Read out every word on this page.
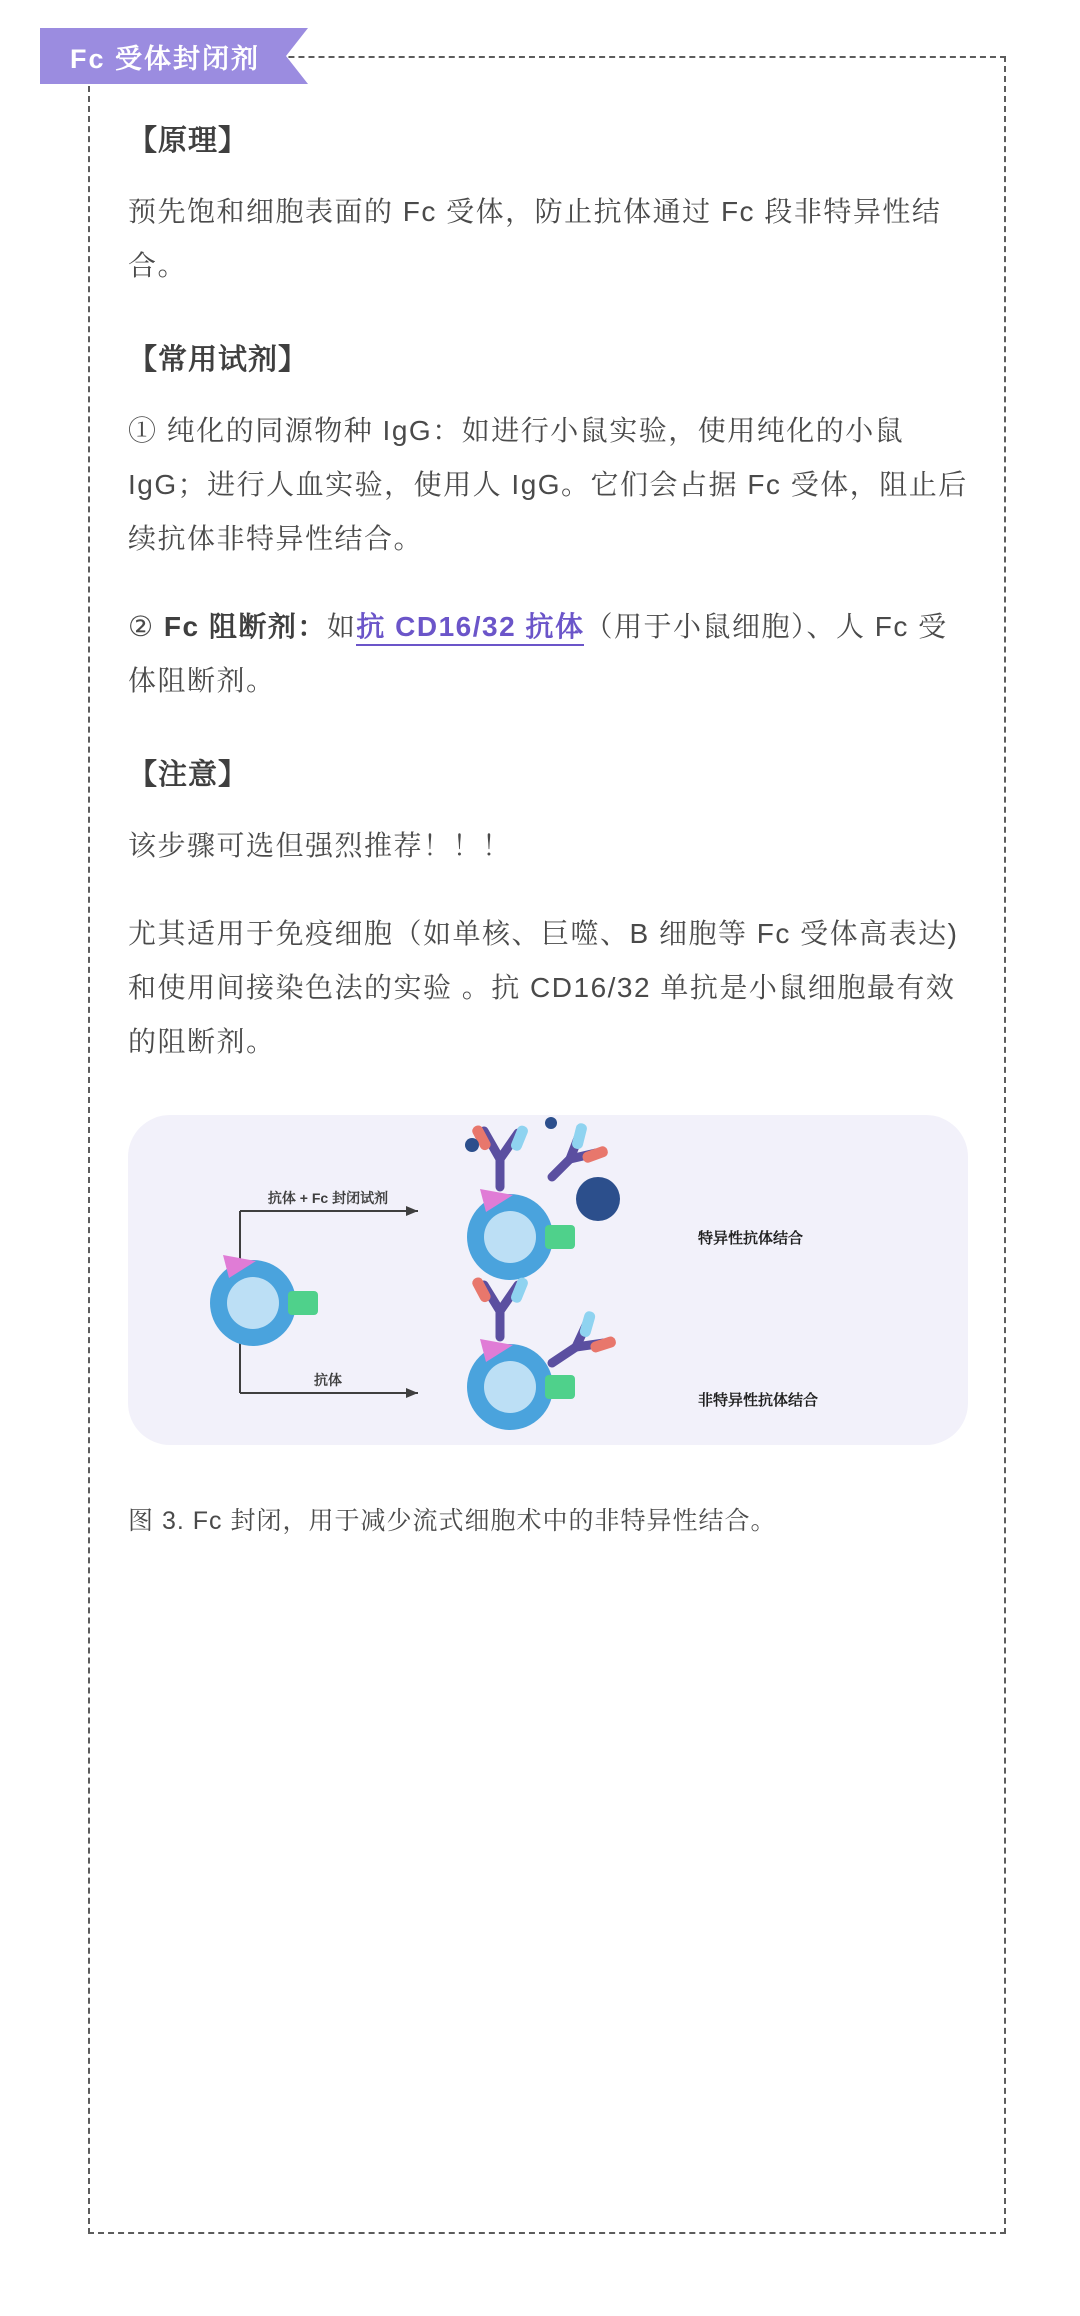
Fc 受体封闭剂
【原理】

预先饱和细胞表面的 Fc 受体，防止抗体通过 Fc 段非特异性结合。

【常用试剂】

① 纯化的同源物种 IgG：如进行小鼠实验，使用纯化的小鼠 IgG；进行人血实验，使用人 IgG。它们会占据 Fc 受体，阻止后续抗体非特异性结合。

② Fc 阻断剂：如抗 CD16/32 抗体（用于小鼠细胞）、人 Fc 受体阻断剂。

【注意】

该步骤可选但强烈推荐！！！

尤其适用于免疫细胞（如单核、巨噬、B 细胞等 Fc 受体高表达)和使用间接染色法的实验 。抗 CD16/32 单抗是小鼠细胞最有效的阻断剂。

抗体 + Fc 封闭试剂
抗体
特异性抗体结合
非特异性抗体结合
图 3. Fc 封闭，用于减少流式细胞术中的非特异性结合。
